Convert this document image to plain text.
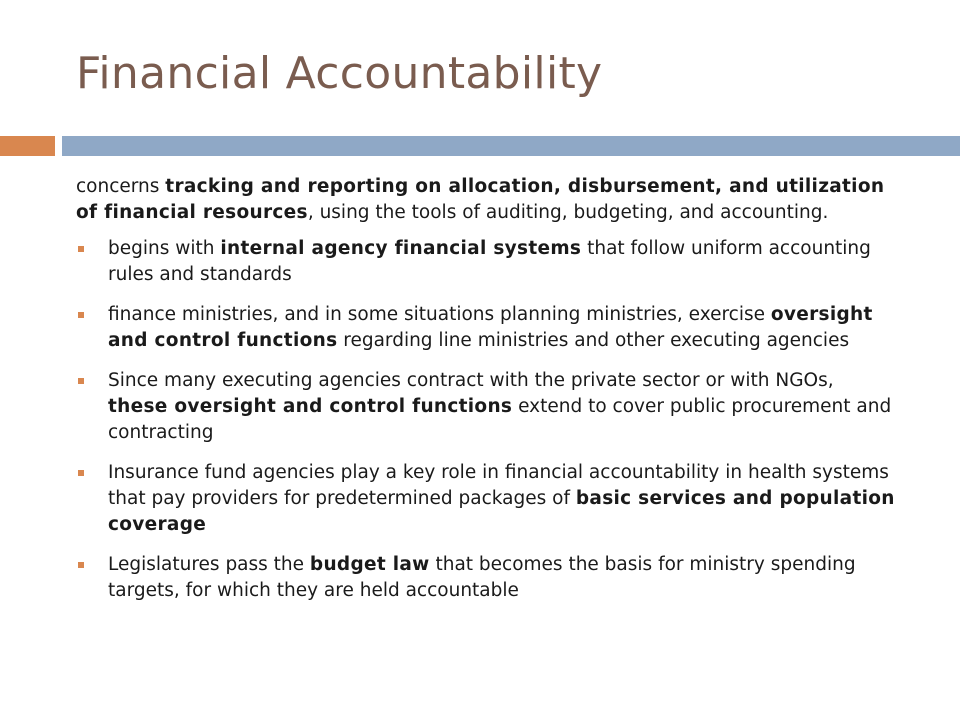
Financial Accountability

concerns tracking and reporting on allocation, disbursement, and utilization of financial resources, using the tools of auditing, budgeting, and accounting.

begins with internal agency financial systems that follow uniform accounting rules and standards
finance ministries, and in some situations planning ministries, exercise oversight and control functions regarding line ministries and other executing agencies
Since many executing agencies contract with the private sector or with NGOs, these oversight and control functions extend to cover public procurement and contracting
Insurance fund agencies play a key role in financial accountability in health systems that pay providers for predetermined packages of basic services and population coverage
Legislatures pass the budget law that becomes the basis for ministry spending targets, for which they are held accountable
